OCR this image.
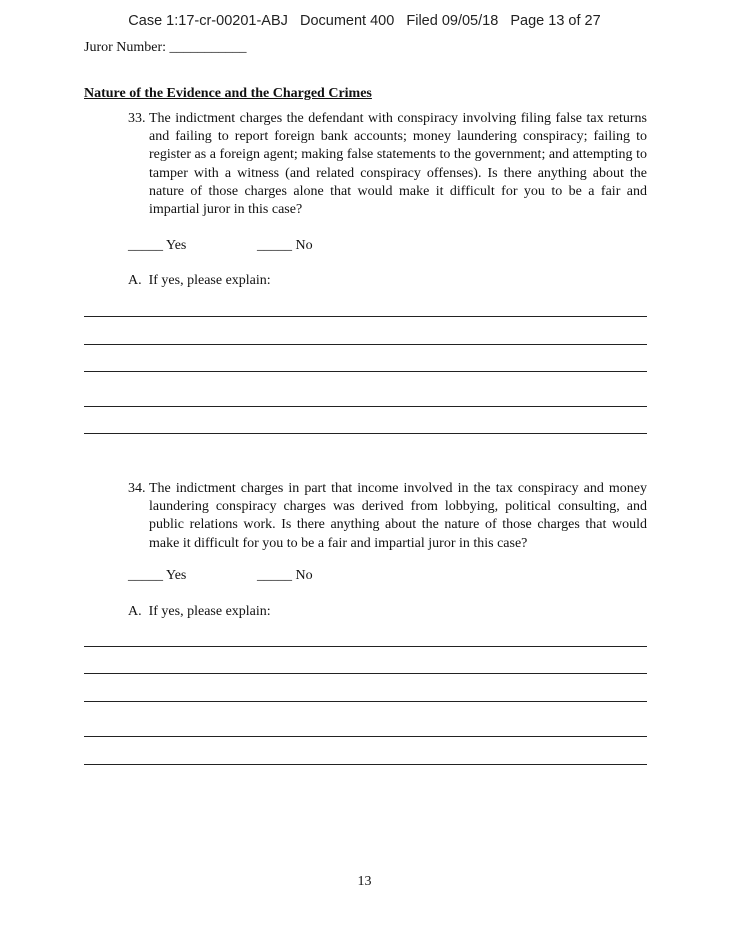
Case 1:17-cr-00201-ABJ Document 400 Filed 09/05/18 Page 13 of 27
Juror Number: ___________
Nature of the Evidence and the Charged Crimes
33. The indictment charges the defendant with conspiracy involving filing false tax returns and failing to report foreign bank accounts; money laundering conspiracy; failing to register as a foreign agent; making false statements to the government; and attempting to tamper with a witness (and related conspiracy offenses). Is there anything about the nature of those charges alone that would make it difficult for you to be a fair and impartial juror in this case?
_____ Yes	_____ No
A.  If yes, please explain:
34. The indictment charges in part that income involved in the tax conspiracy and money laundering conspiracy charges was derived from lobbying, political consulting, and public relations work. Is there anything about the nature of those charges that would make it difficult for you to be a fair and impartial juror in this case?
_____ Yes	_____ No
A.  If yes, please explain:
13
